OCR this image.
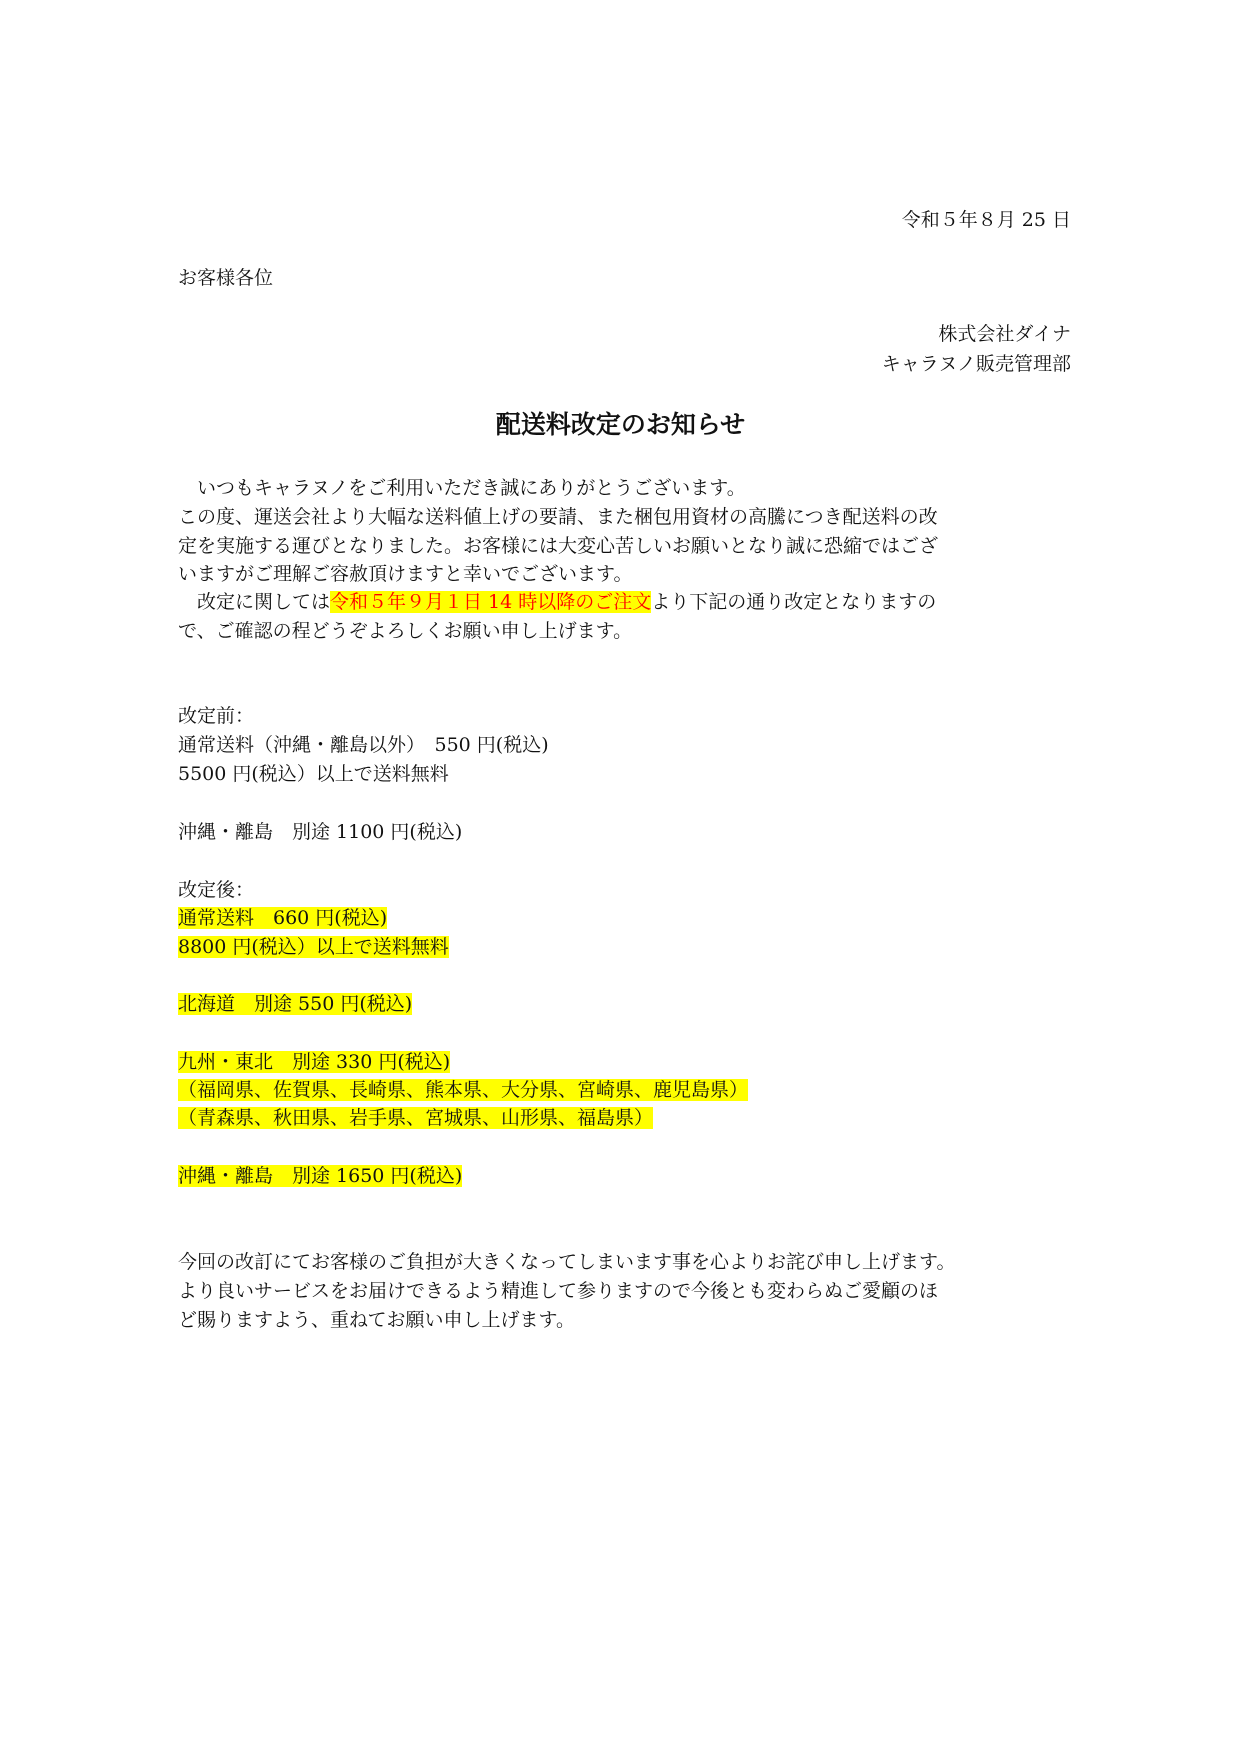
令和５年８月 25 日
お客様各位
株式会社ダイナ
キャラヌノ販売管理部
配送料改定のお知らせ
　いつもキャラヌノをご利用いただき誠にありがとうございます。
この度、運送会社より大幅な送料値上げの要請、また梱包用資材の高騰につき配送料の改
定を実施する運びとなりました。お客様には大変心苦しいお願いとなり誠に恐縮ではござ
いますがご理解ご容赦頂けますと幸いでございます。
　改定に関しては令和５年９月１日 14 時以降のご注文より下記の通り改定となりますの
で、ご確認の程どうぞよろしくお願い申し上げます。
改定前：
通常送料（沖縄・離島以外）　550 円(税込)
5500 円(税込）以上で送料無料
沖縄・離島　別途 1100 円(税込)
改定後：
通常送料　660 円(税込)
8800 円(税込）以上で送料無料
北海道　別途 550 円(税込)
九州・東北　別途 330 円(税込)
（福岡県、佐賀県、長崎県、熊本県、大分県、宮崎県、鹿児島県）
（青森県、秋田県、岩手県、宮城県、山形県、福島県）
沖縄・離島　別途 1650 円(税込)
今回の改訂にてお客様のご負担が大きくなってしまいます事を心よりお詫び申し上げます。
より良いサービスをお届けできるよう精進して参りますので今後とも変わらぬご愛顧のほ
ど賜りますよう、重ねてお願い申し上げます。
